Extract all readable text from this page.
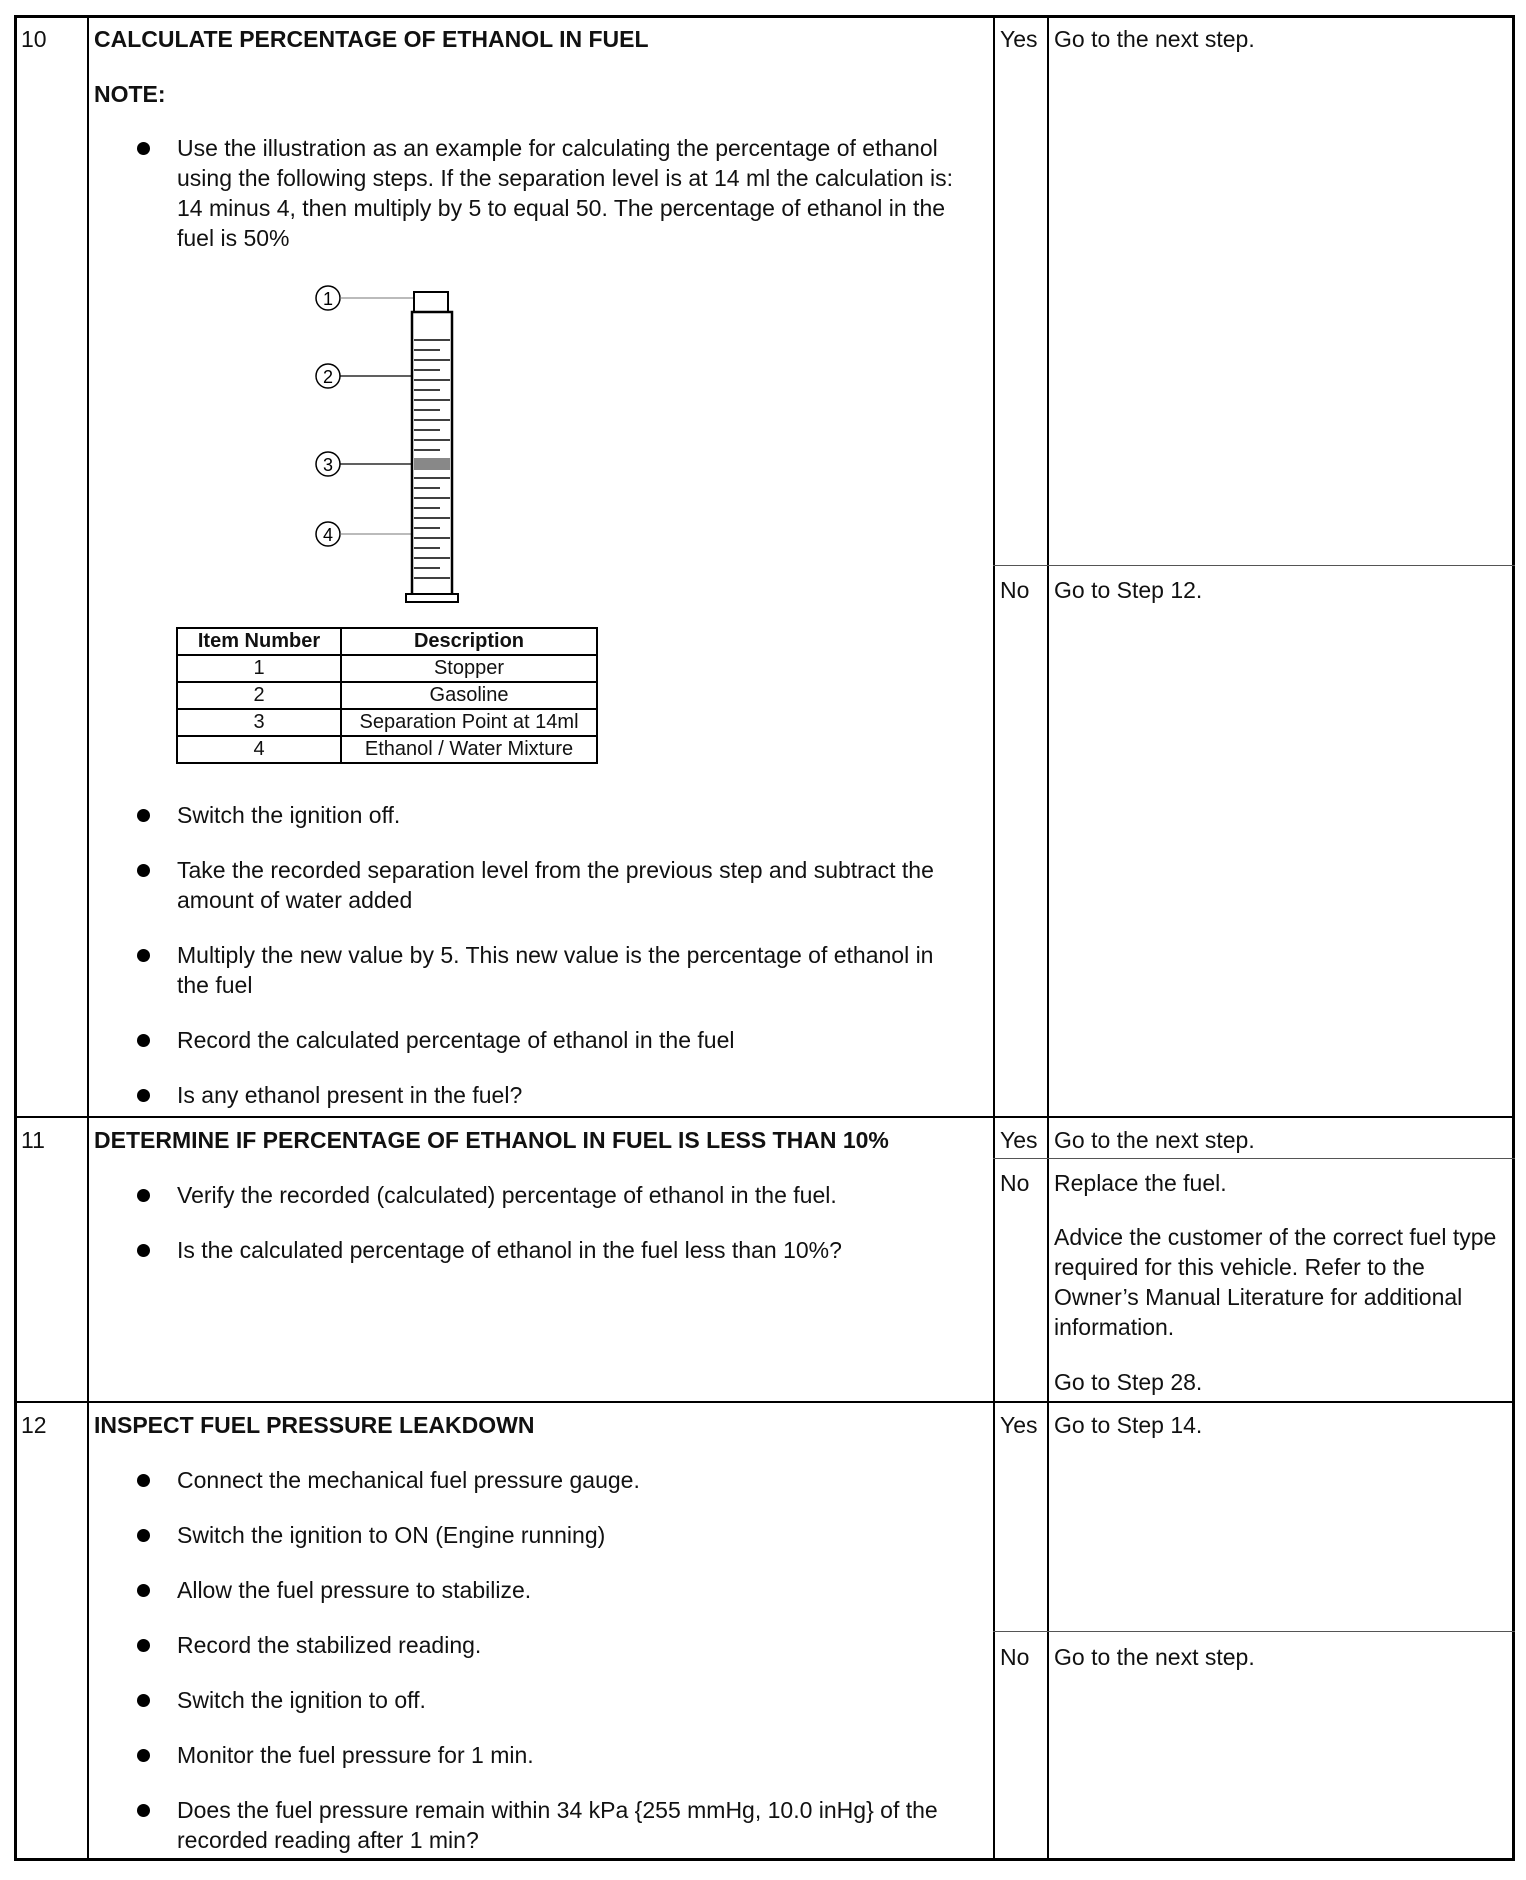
10 CALCULATE PERCENTAGE OF ETHANOL IN FUEL
NOTE:
Use the illustration as an example for calculating the percentage of ethanol using the following steps. If the separation level is at 14 ml the calculation is: 14 minus 4, then multiply by 5 to equal 50. The percentage of ethanol in the fuel is 50%
1
2
3
4
Item Number	Description
1	Stopper
2	Gasoline
3	Separation Point at 14ml
4	Ethanol / Water Mixture
Switch the ignition off.
Take the recorded separation level from the previous step and subtract the amount of water added
Multiply the new value by 5. This new value is the percentage of ethanol in the fuel
Record the calculated percentage of ethanol in the fuel
Is any ethanol present in the fuel?
Yes Go to the next step.
No Go to Step 12.
11 DETERMINE IF PERCENTAGE OF ETHANOL IN FUEL IS LESS THAN 10%
Verify the recorded (calculated) percentage of ethanol in the fuel.
Is the calculated percentage of ethanol in the fuel less than 10%?
Yes Go to the next step.
No Replace the fuel.
Advice the customer of the correct fuel type required for this vehicle. Refer to the Owner’s Manual Literature for additional information.
Go to Step 28.
12 INSPECT FUEL PRESSURE LEAKDOWN
Connect the mechanical fuel pressure gauge.
Switch the ignition to ON (Engine running)
Allow the fuel pressure to stabilize.
Record the stabilized reading.
Switch the ignition to off.
Monitor the fuel pressure for 1 min.
Does the fuel pressure remain within 34 kPa {255 mmHg, 10.0 inHg} of the recorded reading after 1 min?
Yes Go to Step 14.
No Go to the next step.
